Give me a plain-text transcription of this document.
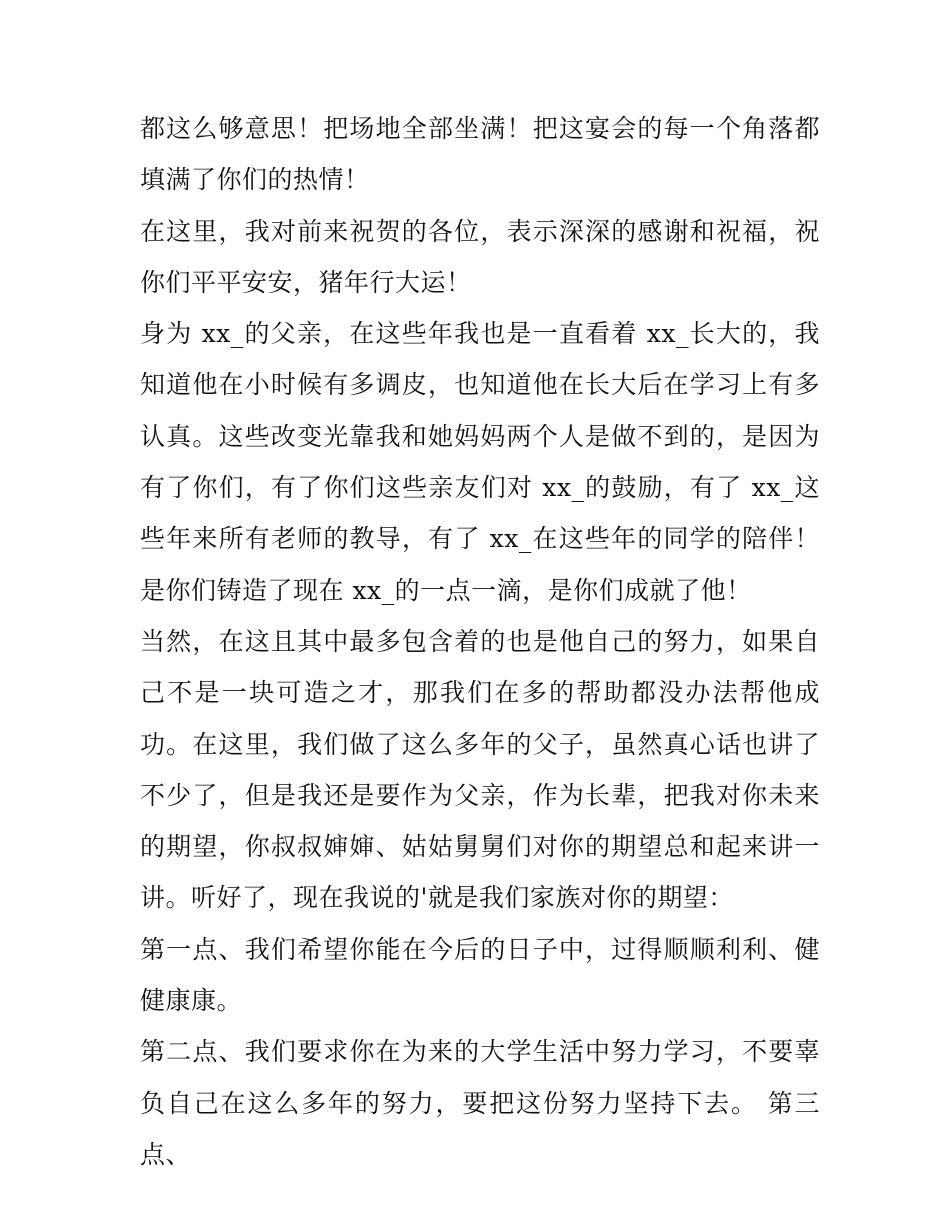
都这么够意思！把场地全部坐满！把这宴会的每一个角落都填满了你们的热情！

在这里，我对前来祝贺的各位，表示深深的感谢和祝福，祝你们平平安安，猪年行大运！

身为 xx_的父亲，在这些年我也是一直看着 xx_长大的，我知道他在小时候有多调皮，也知道他在长大后在学习上有多认真。这些改变光靠我和她妈妈两个人是做不到的，是因为有了你们，有了你们这些亲友们对 xx_的鼓励，有了 xx_这些年来所有老师的教导，有了 xx_在这些年的同学的陪伴！是你们铸造了现在 xx_的一点一滴，是你们成就了他！

当然，在这且其中最多包含着的也是他自己的努力，如果自己不是一块可造之才，那我们在多的帮助都没办法帮他成功。在这里，我们做了这么多年的父子，虽然真心话也讲了不少了，但是我还是要作为父亲，作为长辈，把我对你未来的期望，你叔叔婶婶、姑姑舅舅们对你的期望总和起来讲一讲。听好了，现在我说的'就是我们家族对你的期望：

第一点、我们希望你能在今后的日子中，过得顺顺利利、健健康康。

第二点、我们要求你在为来的大学生活中努力学习，不要辜负自己在这么多年的努力，要把这份努力坚持下去。 第三点、
